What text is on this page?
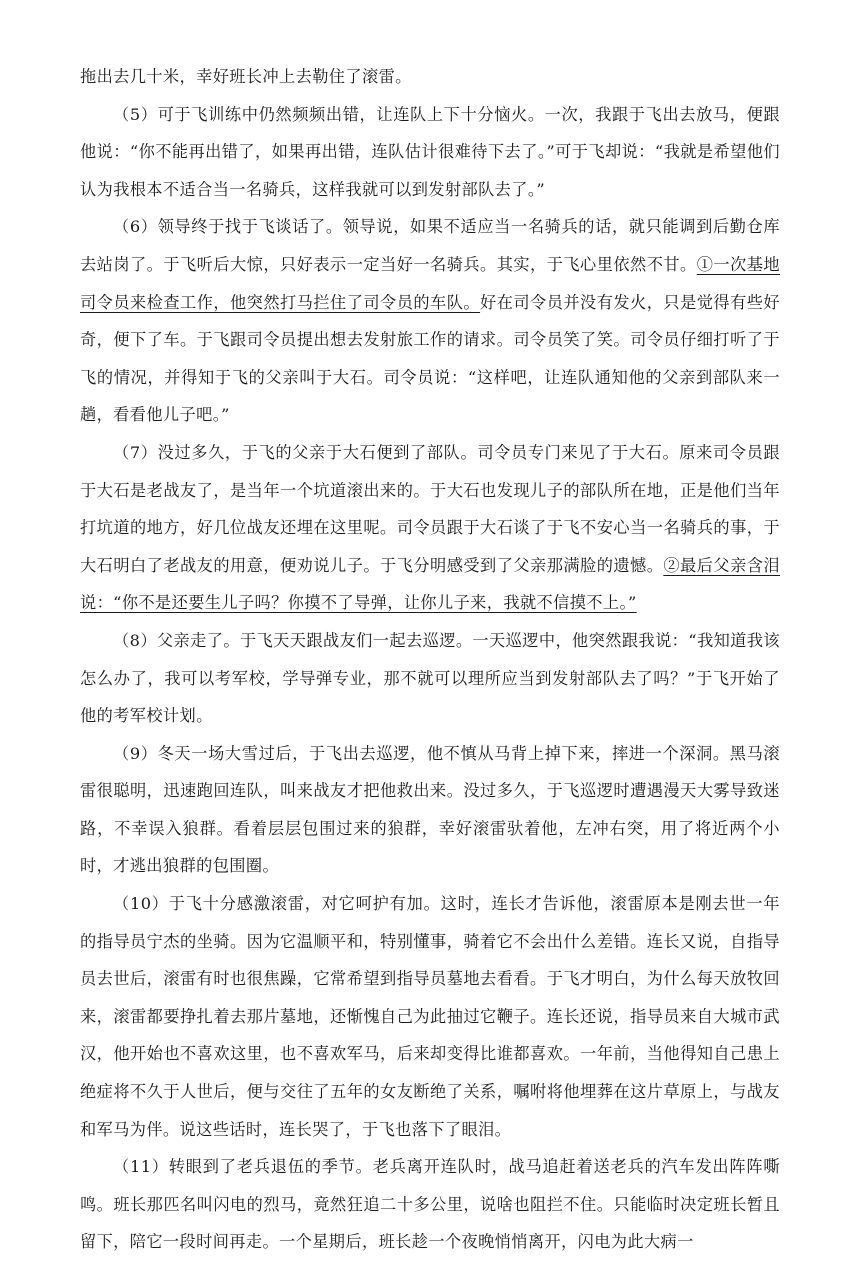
拖出去几十米，幸好班长冲上去勒住了滚雷。

（5）可于飞训练中仍然频频出错，让连队上下十分恼火。一次，我跟于飞出去放马，便跟他说：“你不能再出错了，如果再出错，连队估计很难待下去了。”可于飞却说：“我就是希望他们认为我根本不适合当一名骑兵，这样我就可以到发射部队去了。”

（6）领导终于找于飞谈话了。领导说，如果不适应当一名骑兵的话，就只能调到后勤仓库去站岗了。于飞听后大惊，只好表示一定当好一名骑兵。其实，于飞心里依然不甘。①一次基地司令员来检查工作，他突然打马拦住了司令员的车队。好在司令员并没有发火，只是觉得有些好奇，便下了车。于飞跟司令员提出想去发射旅工作的请求。司令员笑了笑。司令员仔细打听了于飞的情况，并得知于飞的父亲叫于大石。司令员说：“这样吧，让连队通知他的父亲到部队来一趟，看看他儿子吧。”

（7）没过多久，于飞的父亲于大石便到了部队。司令员专门来见了于大石。原来司令员跟于大石是老战友了，是当年一个坑道滚出来的。于大石也发现儿子的部队所在地，正是他们当年打坑道的地方，好几位战友还埋在这里呢。司令员跟于大石谈了于飞不安心当一名骑兵的事，于大石明白了老战友的用意，便劝说儿子。于飞分明感受到了父亲那满脸的遗憾。②最后父亲含泪说：“你不是还要生儿子吗？你摸不了导弹，让你儿子来，我就不信摸不上。”

（8）父亲走了。于飞天天跟战友们一起去巡逻。一天巡逻中，他突然跟我说：“我知道我该怎么办了，我可以考军校，学导弹专业，那不就可以理所应当到发射部队去了吗？”于飞开始了他的考军校计划。

（9）冬天一场大雪过后，于飞出去巡逻，他不慎从马背上掉下来，摔进一个深洞。黑马滚雷很聪明，迅速跑回连队，叫来战友才把他救出来。没过多久，于飞巡逻时遭遇漫天大雾导致迷路，不幸误入狼群。看着层层包围过来的狼群，幸好滚雷驮着他，左冲右突，用了将近两个小时，才逃出狼群的包围圈。

（10）于飞十分感激滚雷，对它呵护有加。这时，连长才告诉他，滚雷原本是刚去世一年的指导员宁杰的坐骑。因为它温顺平和，特别懂事，骑着它不会出什么差错。连长又说，自指导员去世后，滚雷有时也很焦躁，它常希望到指导员墓地去看看。于飞才明白，为什么每天放牧回来，滚雷都要挣扎着去那片墓地，还惭愧自己为此抽过它鞭子。连长还说，指导员来自大城市武汉，他开始也不喜欢这里，也不喜欢军马，后来却变得比谁都喜欢。一年前，当他得知自己患上绝症将不久于人世后，便与交往了五年的女友断绝了关系，嘱咐将他埋葬在这片草原上，与战友和军马为伴。说这些话时，连长哭了，于飞也落下了眼泪。

（11）转眼到了老兵退伍的季节。老兵离开连队时，战马追赶着送老兵的汽车发出阵阵嘶鸣。班长那匹名叫闪电的烈马，竟然狂追二十多公里，说啥也阻拦不住。只能临时决定班长暂且留下，陪它一段时间再走。一个星期后，班长趁一个夜晚悄悄离开，闪电为此大病一
